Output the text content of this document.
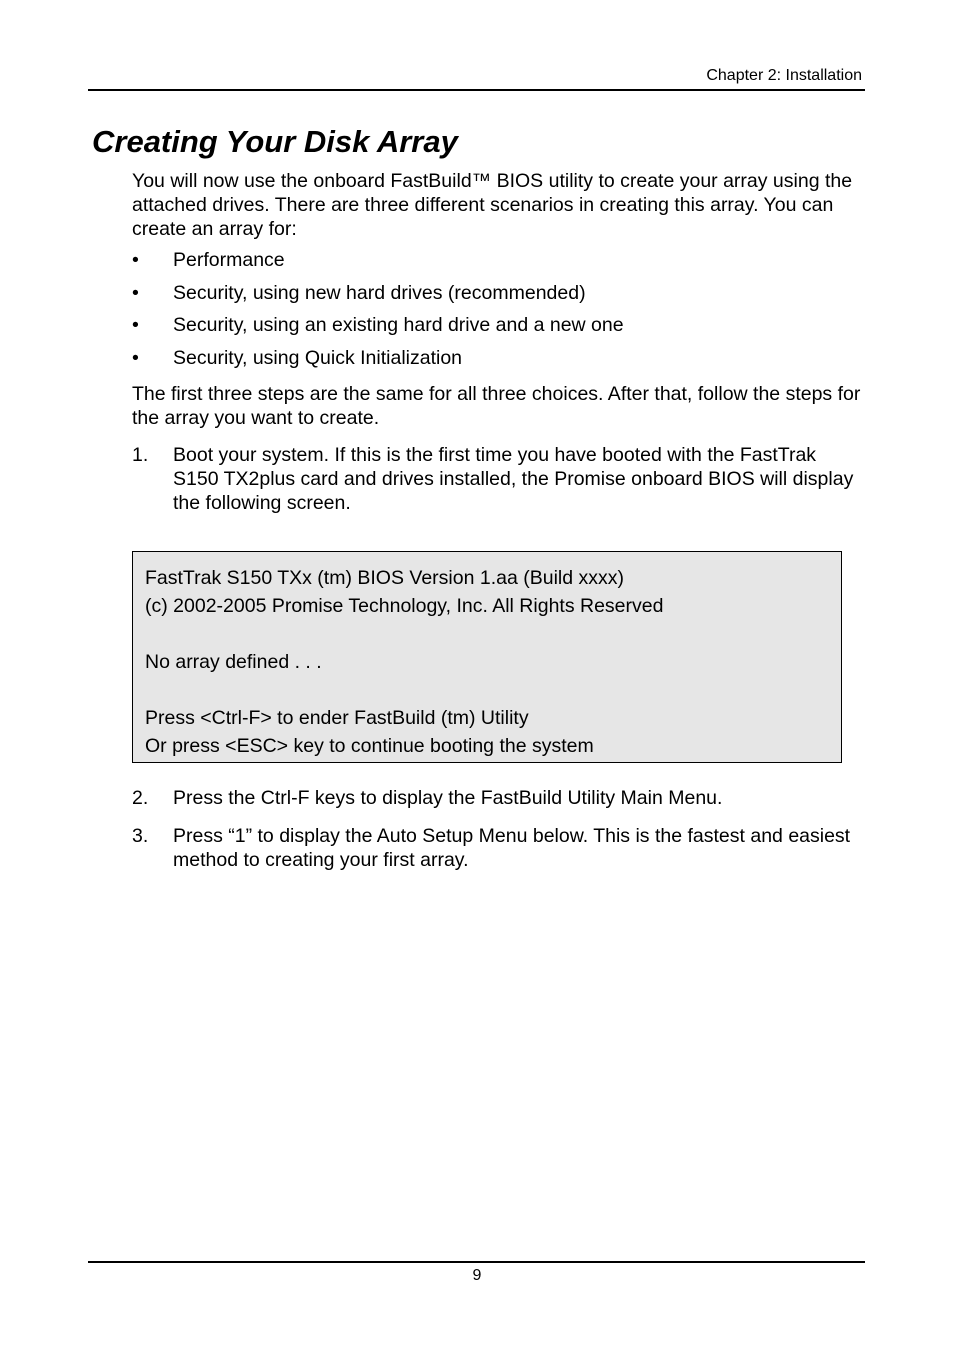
Chapter 2: Installation
Creating Your Disk Array

You will now use the onboard FastBuild™ BIOS utility to create your array using the attached drives. There are three different scenarios in creating this array. You can create an array for:

• Performance
• Security, using new hard drives (recommended)
• Security, using an existing hard drive and a new one
• Security, using Quick Initialization

The first three steps are the same for all three choices. After that, follow the steps for the array you want to create.

1. Boot your system. If this is the first time you have booted with the FastTrak S150 TX2plus card and drives installed, the Promise onboard BIOS will display the following screen.
FastTrak S150 TXx (tm) BIOS Version 1.aa (Build xxxx)
(c) 2002-2005 Promise Technology, Inc. All Rights Reserved
No array defined . . .
Press <Ctrl-F> to ender FastBuild (tm) Utility
Or press <ESC> key to continue booting the system
2. Press the Ctrl-F keys to display the FastBuild Utility Main Menu.
3. Press “1” to display the Auto Setup Menu below. This is the fastest and easiest method to creating your first array.
9
